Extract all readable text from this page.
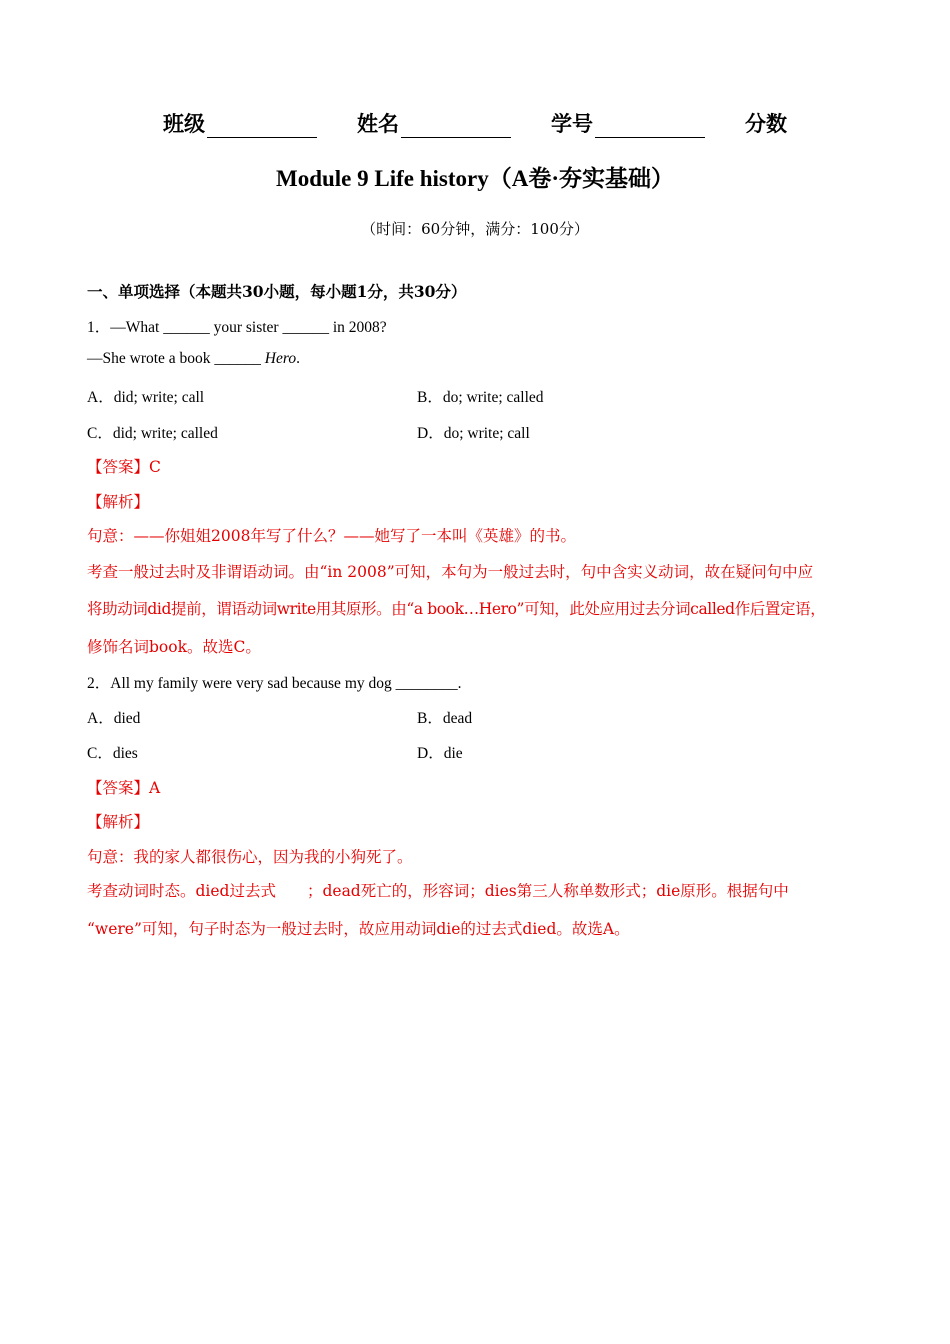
班级	姓名	学号	分数
Module 9 Life history（A卷·夯实基础）
（时间：60分钟，满分：100分）
一、单项选择（本题共30小题，每小题1分，共30分）
1．—What ______ your sister ______ in 2008?
—She wrote a book ______ Hero.
A．did; write; call	B．do; write; called
C．did; write; called	D．do; write; call
【答案】C
【解析】
句意：——你姐姐2008年写了什么？——她写了一本叫《英雄》的书。
考查一般过去时及非谓语动词。由“in 2008”可知，本句为一般过去时，句中含实义动词，故在疑问句中应
将助动词did提前，谓语动词write用其原形。由“a book…Hero”可知，此处应用过去分词called作后置定语，
修饰名词book。故选C。
2．All my family were very sad because my dog ________.
A．died	B．dead
C．dies	D．die
【答案】A
【解析】
句意：我的家人都很伤心，因为我的小狗死了。
考查动词时态。died过去式　　；dead死亡的，形容词；dies第三人称单数形式；die原形。根据句中
“were”可知，句子时态为一般过去时，故应用动词die的过去式died。故选A。
